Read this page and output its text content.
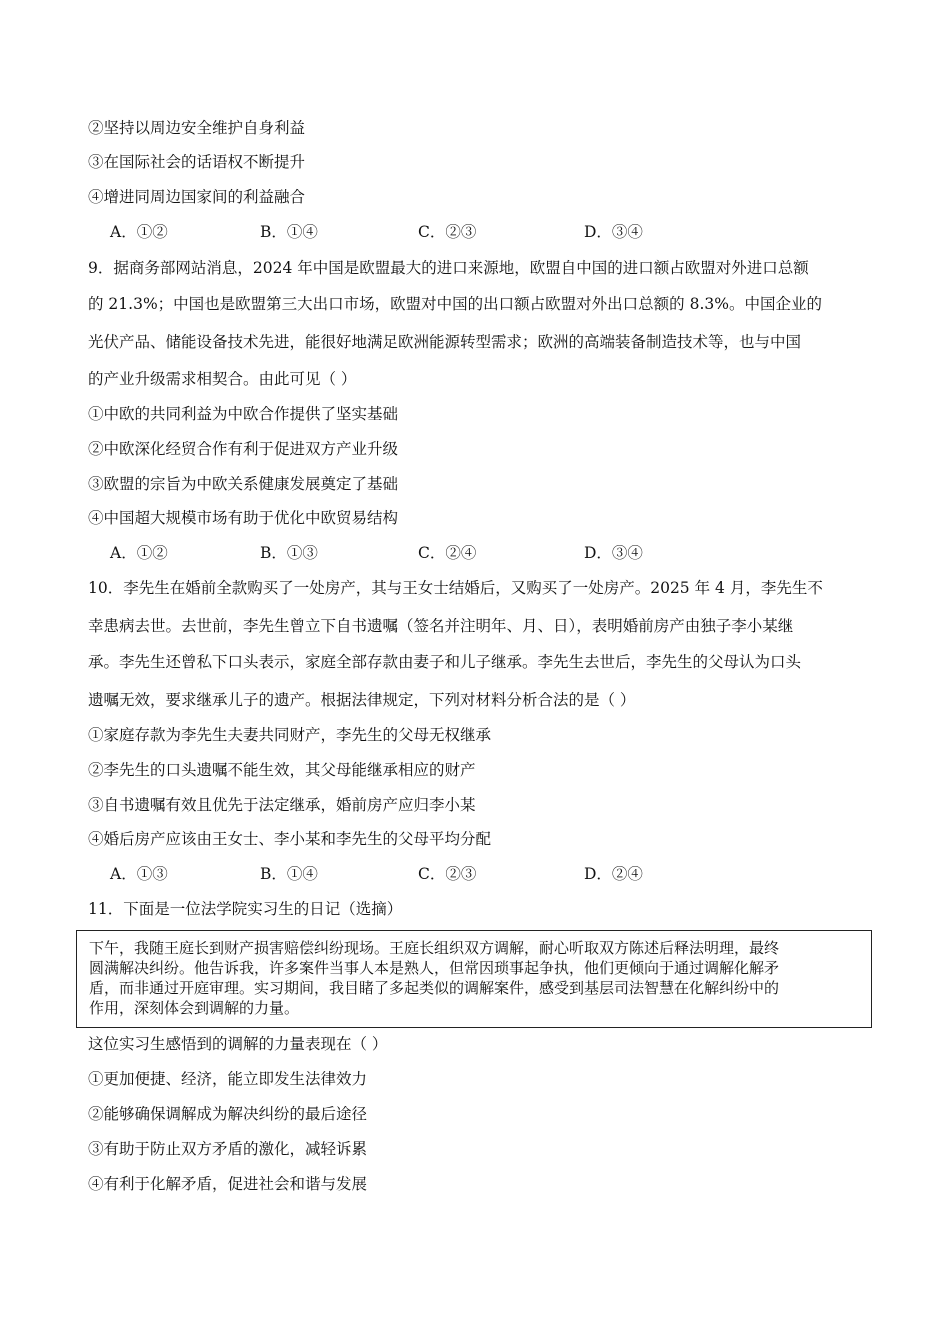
②坚持以周边安全维护自身利益
③在国际社会的话语权不断提升
④增进同周边国家间的利益融合
A．①②	B．①④	C．②③	D．③④
9．据商务部网站消息，2024 年中国是欧盟最大的进口来源地，欧盟自中国的进口额占欧盟对外进口总额
的 21.3%；中国也是欧盟第三大出口市场，欧盟对中国的出口额占欧盟对外出口总额的 8.3%。中国企业的
光伏产品、储能设备技术先进，能很好地满足欧洲能源转型需求；欧洲的高端装备制造技术等，也与中国
的产业升级需求相契合。由此可见（ ）
①中欧的共同利益为中欧合作提供了坚实基础
②中欧深化经贸合作有利于促进双方产业升级
③欧盟的宗旨为中欧关系健康发展奠定了基础
④中国超大规模市场有助于优化中欧贸易结构
A．①②	B．①③	C．②④	D．③④
10．李先生在婚前全款购买了一处房产，其与王女士结婚后，又购买了一处房产。2025 年 4 月，李先生不
幸患病去世。去世前，李先生曾立下自书遗嘱（签名并注明年、月、日），表明婚前房产由独子李小某继
承。李先生还曾私下口头表示，家庭全部存款由妻子和儿子继承。李先生去世后，李先生的父母认为口头
遗嘱无效，要求继承儿子的遗产。根据法律规定，下列对材料分析合法的是（ ）
①家庭存款为李先生夫妻共同财产，李先生的父母无权继承
②李先生的口头遗嘱不能生效，其父母能继承相应的财产
③自书遗嘱有效且优先于法定继承，婚前房产应归李小某
④婚后房产应该由王女士、李小某和李先生的父母平均分配
A．①③	B．①④	C．②③	D．②④
11．下面是一位法学院实习生的日记（选摘）
下午，我随王庭长到财产损害赔偿纠纷现场。王庭长组织双方调解，耐心听取双方陈述后释法明理，最终
圆满解决纠纷。他告诉我，许多案件当事人本是熟人，但常因琐事起争执，他们更倾向于通过调解化解矛
盾，而非通过开庭审理。实习期间，我目睹了多起类似的调解案件，感受到基层司法智慧在化解纠纷中的
作用，深刻体会到调解的力量。
这位实习生感悟到的调解的力量表现在（ ）
①更加便捷、经济，能立即发生法律效力
②能够确保调解成为解决纠纷的最后途径
③有助于防止双方矛盾的激化，减轻诉累
④有利于化解矛盾，促进社会和谐与发展
